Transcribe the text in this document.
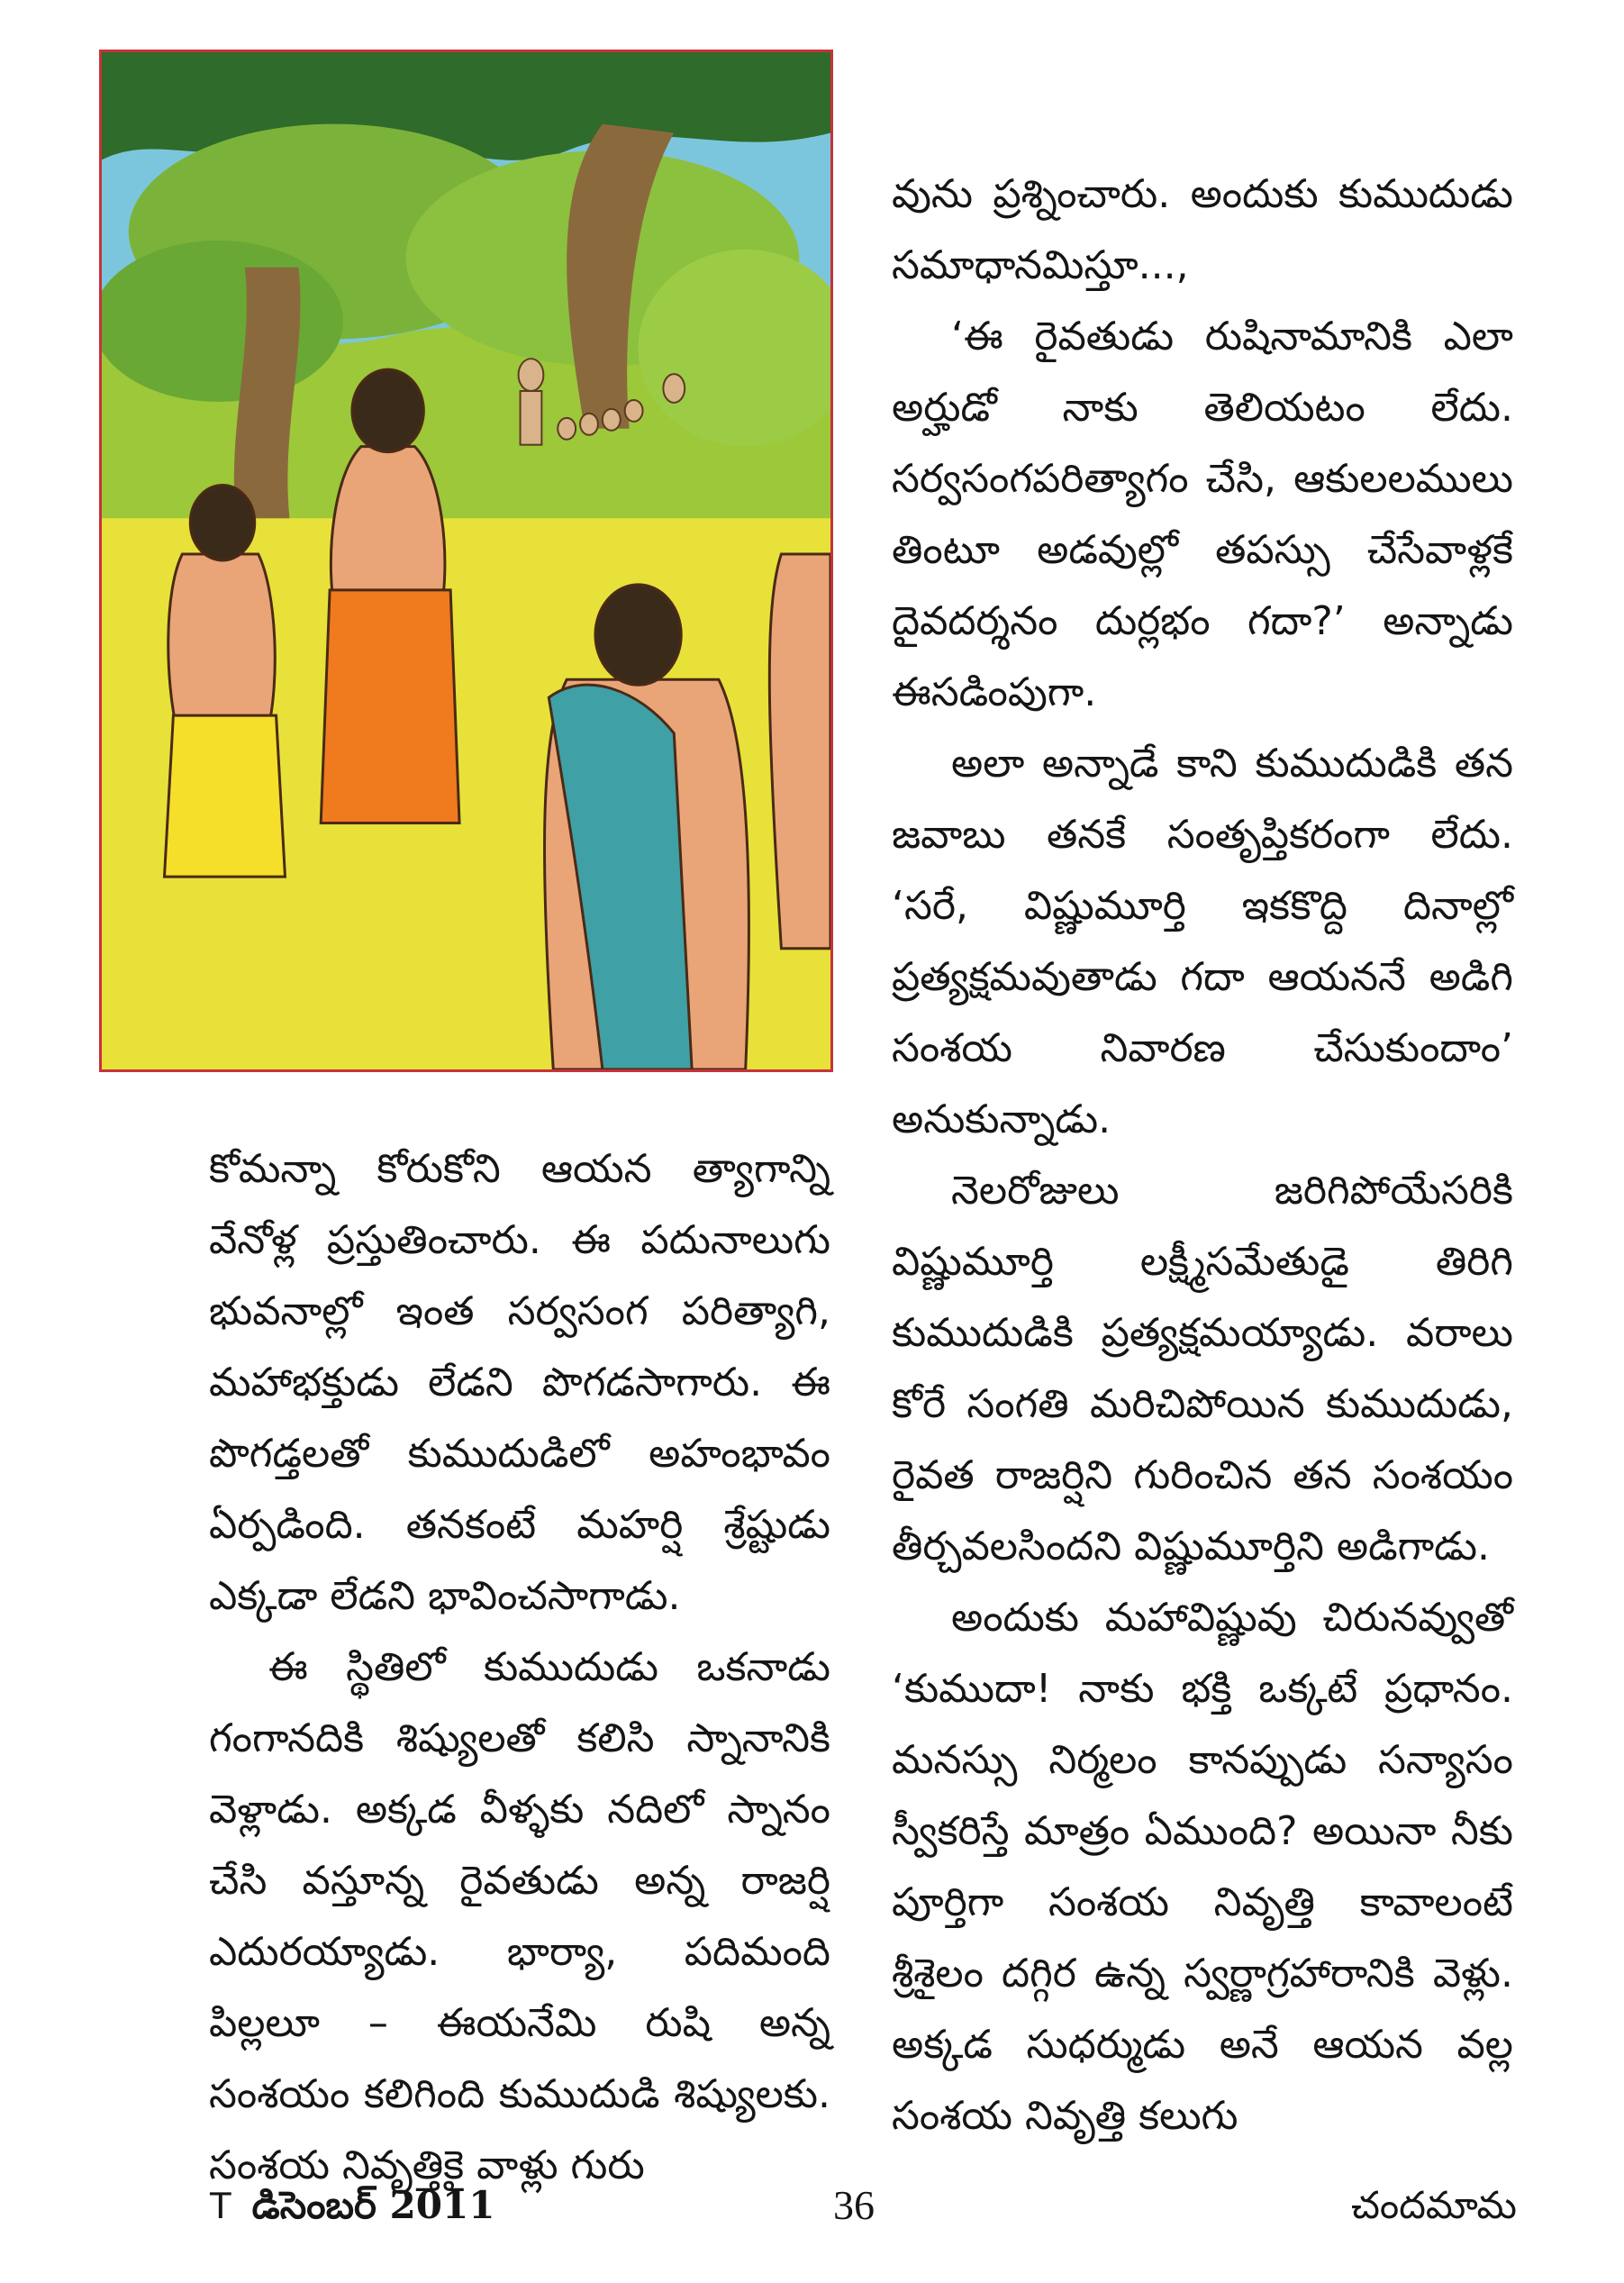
వును ప్రశ్నించారు. అందుకు కుముదుడు సమాధానమిస్తూ...,

‘ఈ రైవతుడు రుషినామానికి ఎలా అర్హుడో నాకు తెలియటం లేదు. సర్వసంగపరిత్యాగం చేసి, ఆకులలములు తింటూ అడవుల్లో తపస్సు చేసేవాళ్లకే దైవదర్శనం దుర్లభం గదా?’ అన్నాడు ఈసడింపుగా.

అలా అన్నాడే కాని కుముదుడికి తన జవాబు తనకే సంతృప్తికరంగా లేదు. ‘సరే, విష్ణుమూర్తి ఇకకొద్ది దినాల్లో ప్రత్యక్షమవుతాడు గదా ఆయననే అడిగి సంశయ నివారణ చేసుకుందాం’ అనుకున్నాడు.

నెలరోజులు జరిగిపోయేసరికి విష్ణుమూర్తి లక్ష్మీసమేతుడై తిరిగి కుముదుడికి ప్రత్యక్షమయ్యాడు. వరాలు కోరే సంగతి మరిచిపోయిన కుముదుడు, రైవత రాజర్షిని గురించిన తన సంశయం తీర్చవలసిందని విష్ణుమూర్తిని అడిగాడు.

అందుకు మహావిష్ణువు చిరునవ్వుతో ‘కుముదా! నాకు భక్తి ఒక్కటే ప్రధానం. మనస్సు నిర్మలం కానప్పుడు సన్యాసం స్వీకరిస్తే మాత్రం ఏముంది? అయినా నీకు పూర్తిగా సంశయ నివృత్తి కావాలంటే శ్రీశైలం దగ్గిర ఉన్న స్వర్ణాగ్రహారానికి వెళ్లు. అక్కడ సుధర్ముడు అనే ఆయన వల్ల సంశయ నివృత్తి కలుగు

కోమన్నా కోరుకోని ఆయన త్యాగాన్ని వేనోళ్ల ప్రస్తుతించారు. ఈ పదునాలుగు భువనాల్లో ఇంత సర్వసంగ పరిత్యాగి, మహాభక్తుడు లేడని పొగడసాగారు. ఈ పొగడ్తలతో కుముదుడిలో అహంభావం ఏర్పడింది. తనకంటే మహర్షి శ్రేష్టుడు ఎక్కడా లేడని భావించసాగాడు.

ఈ స్థితిలో కుముదుడు ఒకనాడు గంగానదికి శిష్యులతో కలిసి స్నానానికి వెళ్లాడు. అక్కడ వీళ్ళకు నదిలో స్నానం చేసి వస్తూన్న రైవతుడు అన్న రాజర్షి ఎదురయ్యాడు. భార్యా, పదిమంది పిల్లలూ – ఈయనేమి రుషి అన్న సంశయం కలిగింది కుముదుడి శిష్యులకు. సంశయ నివృత్తికై వాళ్లు గురు

T డిసెంబర్ 2011	36	చందమామ
